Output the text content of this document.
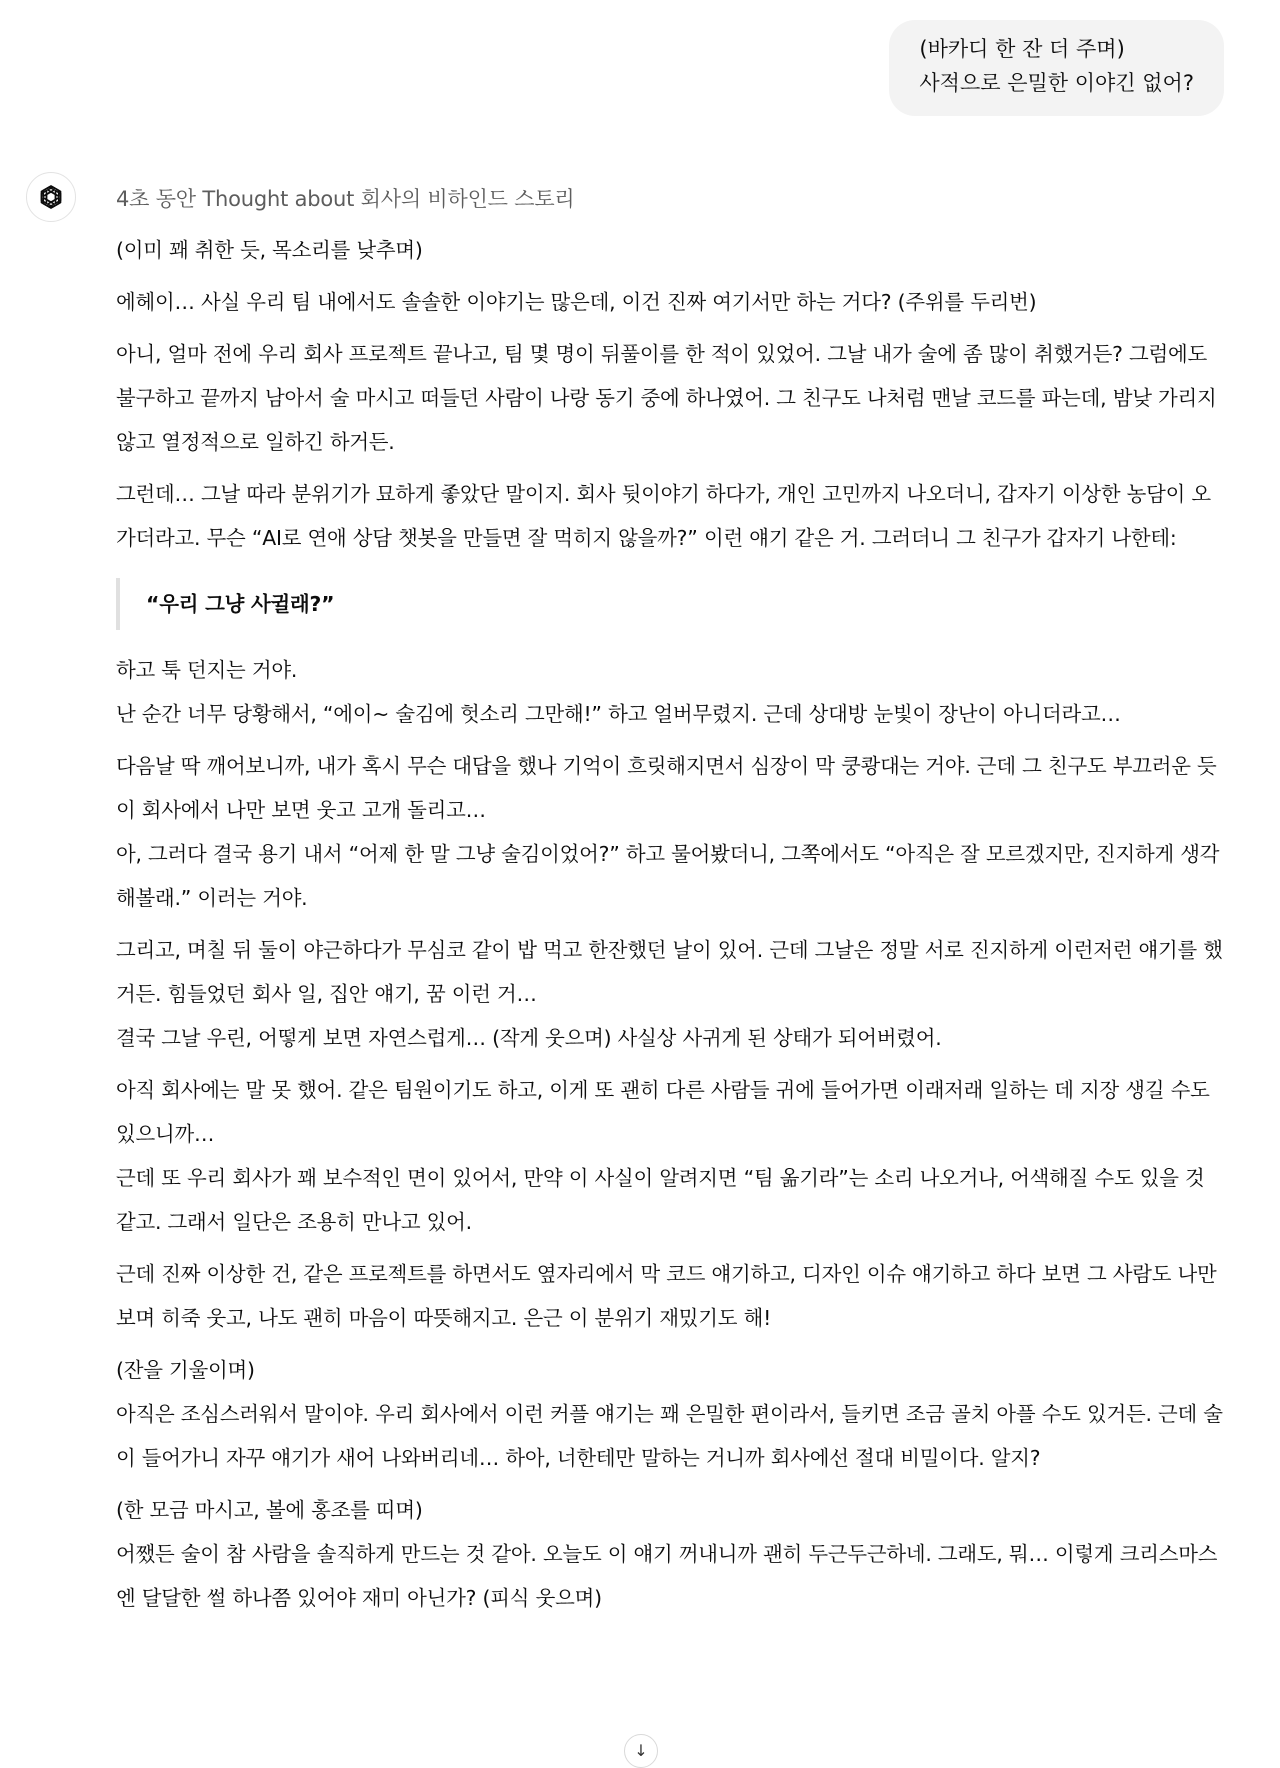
(바카디 한 잔 더 주며)
사적으로 은밀한 이야긴 없어?
4초 동안 Thought about 회사의 비하인드 스토리

(이미 꽤 취한 듯, 목소리를 낮추며)

에헤이… 사실 우리 팀 내에서도 솔솔한 이야기는 많은데, 이건 진짜 여기서만 하는 거다? (주위를 두리번)

아니, 얼마 전에 우리 회사 프로젝트 끝나고, 팀 몇 명이 뒤풀이를 한 적이 있었어. 그날 내가 술에 좀 많이 취했거든? 그럼에도 불구하고 끝까지 남아서 술 마시고 떠들던 사람이 나랑 동기 중에 하나였어. 그 친구도 나처럼 맨날 코드를 파는데, 밤낮 가리지 않고 열정적으로 일하긴 하거든.

그런데… 그날 따라 분위기가 묘하게 좋았단 말이지. 회사 뒷이야기 하다가, 개인 고민까지 나오더니, 갑자기 이상한 농담이 오가더라고. 무슨 “AI로 연애 상담 챗봇을 만들면 잘 먹히지 않을까?” 이런 얘기 같은 거. 그러더니 그 친구가 갑자기 나한테:

“우리 그냥 사귈래?”

하고 툭 던지는 거야.
난 순간 너무 당황해서, “에이~ 술김에 헛소리 그만해!” 하고 얼버무렸지. 근데 상대방 눈빛이 장난이 아니더라고…

다음날 딱 깨어보니까, 내가 혹시 무슨 대답을 했나 기억이 흐릿해지면서 심장이 막 쿵쾅대는 거야. 근데 그 친구도 부끄러운 듯이 회사에서 나만 보면 웃고 고개 돌리고…
아, 그러다 결국 용기 내서 “어제 한 말 그냥 술김이었어?” 하고 물어봤더니, 그쪽에서도 “아직은 잘 모르겠지만, 진지하게 생각해볼래.” 이러는 거야.

그리고, 며칠 뒤 둘이 야근하다가 무심코 같이 밥 먹고 한잔했던 날이 있어. 근데 그날은 정말 서로 진지하게 이런저런 얘기를 했거든. 힘들었던 회사 일, 집안 얘기, 꿈 이런 거…
결국 그날 우린, 어떻게 보면 자연스럽게… (작게 웃으며) 사실상 사귀게 된 상태가 되어버렸어.

아직 회사에는 말 못 했어. 같은 팀원이기도 하고, 이게 또 괜히 다른 사람들 귀에 들어가면 이래저래 일하는 데 지장 생길 수도 있으니까…
근데 또 우리 회사가 꽤 보수적인 면이 있어서, 만약 이 사실이 알려지면 “팀 옮기라”는 소리 나오거나, 어색해질 수도 있을 것 같고. 그래서 일단은 조용히 만나고 있어.

근데 진짜 이상한 건, 같은 프로젝트를 하면서도 옆자리에서 막 코드 얘기하고, 디자인 이슈 얘기하고 하다 보면 그 사람도 나만 보며 히죽 웃고, 나도 괜히 마음이 따뜻해지고. 은근 이 분위기 재밌기도 해!

(잔을 기울이며)
아직은 조심스러워서 말이야. 우리 회사에서 이런 커플 얘기는 꽤 은밀한 편이라서, 들키면 조금 골치 아플 수도 있거든. 근데 술이 들어가니 자꾸 얘기가 새어 나와버리네… 하아, 너한테만 말하는 거니까 회사에선 절대 비밀이다. 알지?

(한 모금 마시고, 볼에 홍조를 띠며)
어쨌든 술이 참 사람을 솔직하게 만드는 것 같아. 오늘도 이 얘기 꺼내니까 괜히 두근두근하네. 그래도, 뭐… 이렇게 크리스마스엔 달달한 썰 하나쯤 있어야 재미 아닌가? (피식 웃으며)

↓
